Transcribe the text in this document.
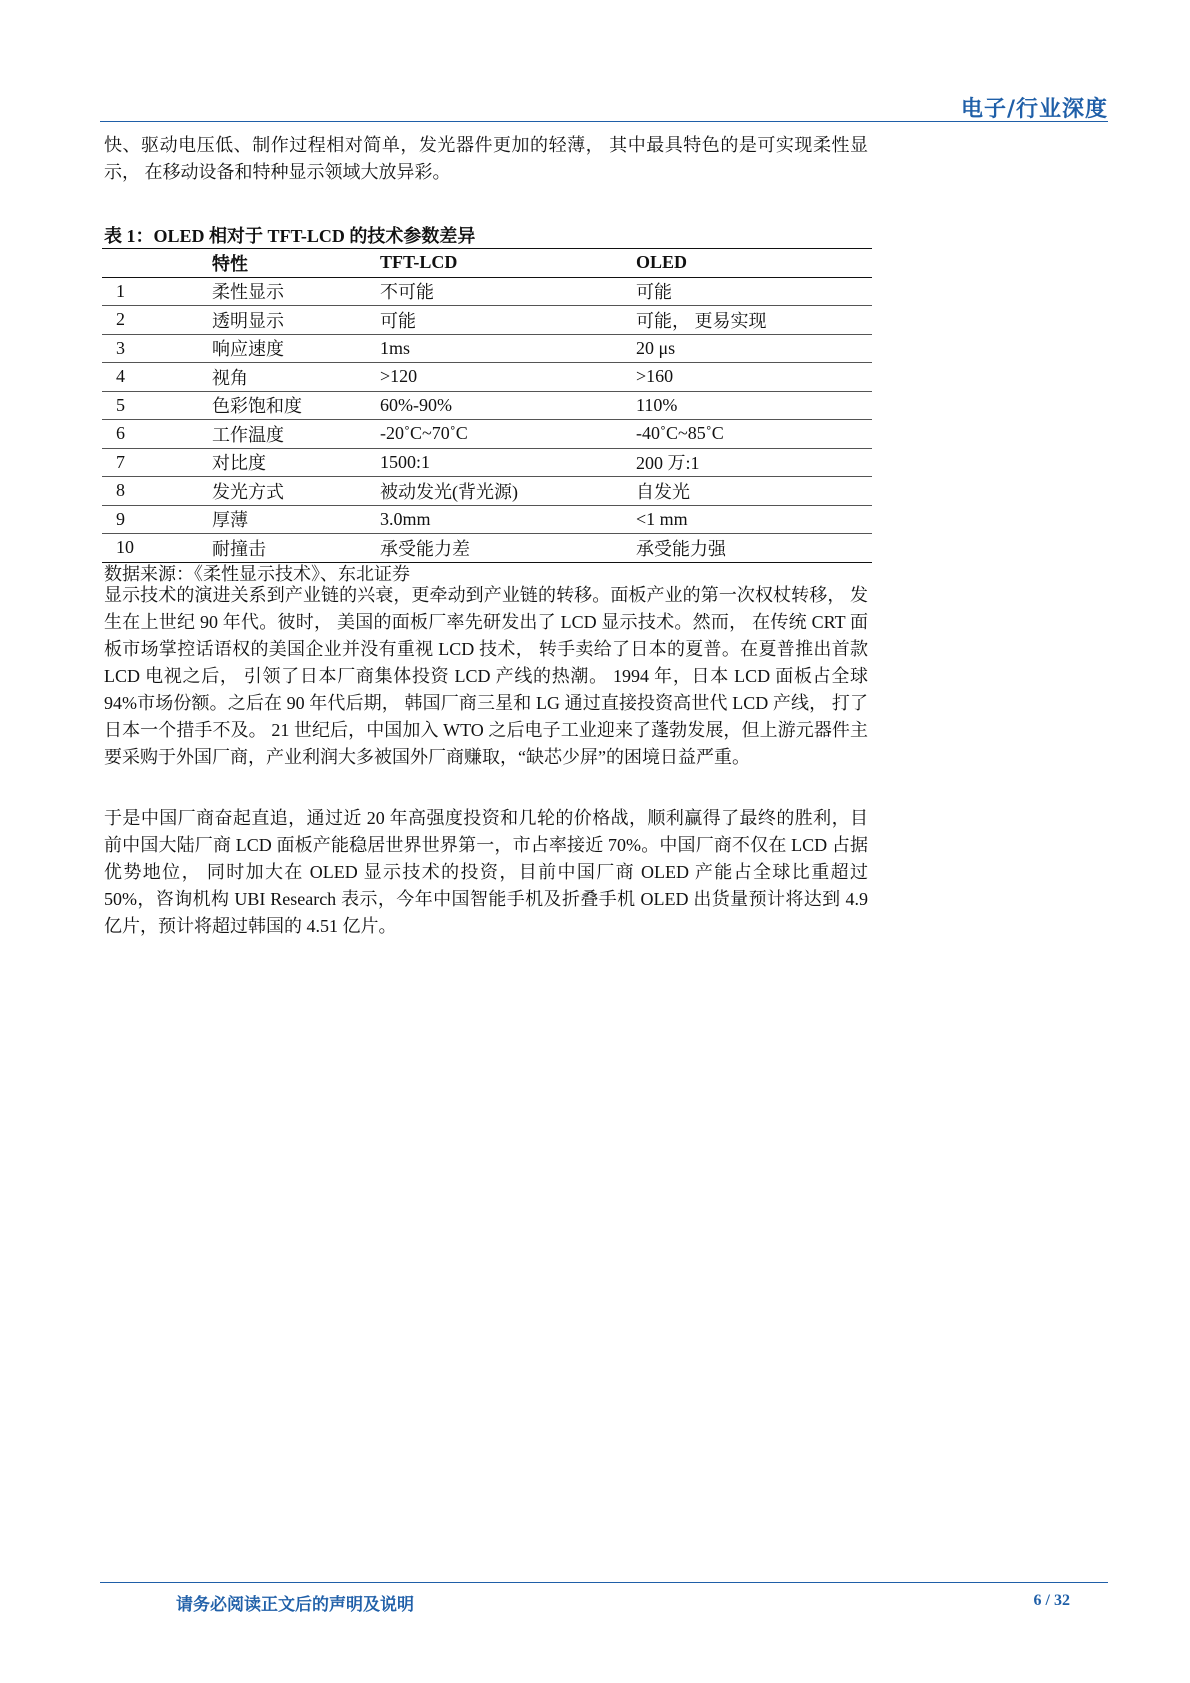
电子/行业深度

快、驱动电压低、制作过程相对简单，发光器件更加的轻薄， 其中最具特色的是可实现柔性显示， 在移动设备和特种显示领域大放异彩。

表 1：OLED 相对于 TFT-LCD 的技术参数差异
	特性	TFT-LCD	OLED
1	柔性显示	不可能	可能
2	透明显示	可能	可能， 更易实现
3	响应速度	1ms	20 μs
4	视角	>120	>160
5	色彩饱和度	60%-90%	110%
6	工作温度	-20˚C~70˚C	-40˚C~85˚C
7	对比度	1500:1	200 万:1
8	发光方式	被动发光(背光源)	自发光
9	厚薄	3.0mm	<1 mm
10	耐撞击	承受能力差	承受能力强
数据来源：《柔性显示技术》、东北证券

显示技术的演进关系到产业链的兴衰，更牵动到产业链的转移。面板产业的第一次权杖转移， 发生在上世纪 90 年代。彼时， 美国的面板厂率先研发出了 LCD 显示技术。然而， 在传统 CRT 面板市场掌控话语权的美国企业并没有重视 LCD 技术， 转手卖给了日本的夏普。在夏普推出首款 LCD 电视之后， 引领了日本厂商集体投资 LCD 产线的热潮。 1994 年，日本 LCD 面板占全球 94%市场份额。之后在 90 年代后期， 韩国厂商三星和 LG 通过直接投资高世代 LCD 产线， 打了日本一个措手不及。 21 世纪后，中国加入 WTO 之后电子工业迎来了蓬勃发展，但上游元器件主要采购于外国厂商，产业利润大多被国外厂商赚取，“缺芯少屏”的困境日益严重。

于是中国厂商奋起直追，通过近 20 年高强度投资和几轮的价格战，顺利赢得了最终的胜利，目前中国大陆厂商 LCD 面板产能稳居世界世界第一，市占率接近 70%。中国厂商不仅在 LCD 占据优势地位， 同时加大在 OLED 显示技术的投资，目前中国厂商 OLED 产能占全球比重超过 50%，咨询机构 UBI Research 表示，今年中国智能手机及折叠手机 OLED 出货量预计将达到 4.9 亿片，预计将超过韩国的 4.51 亿片。

请务必阅读正文后的声明及说明	6 / 32
